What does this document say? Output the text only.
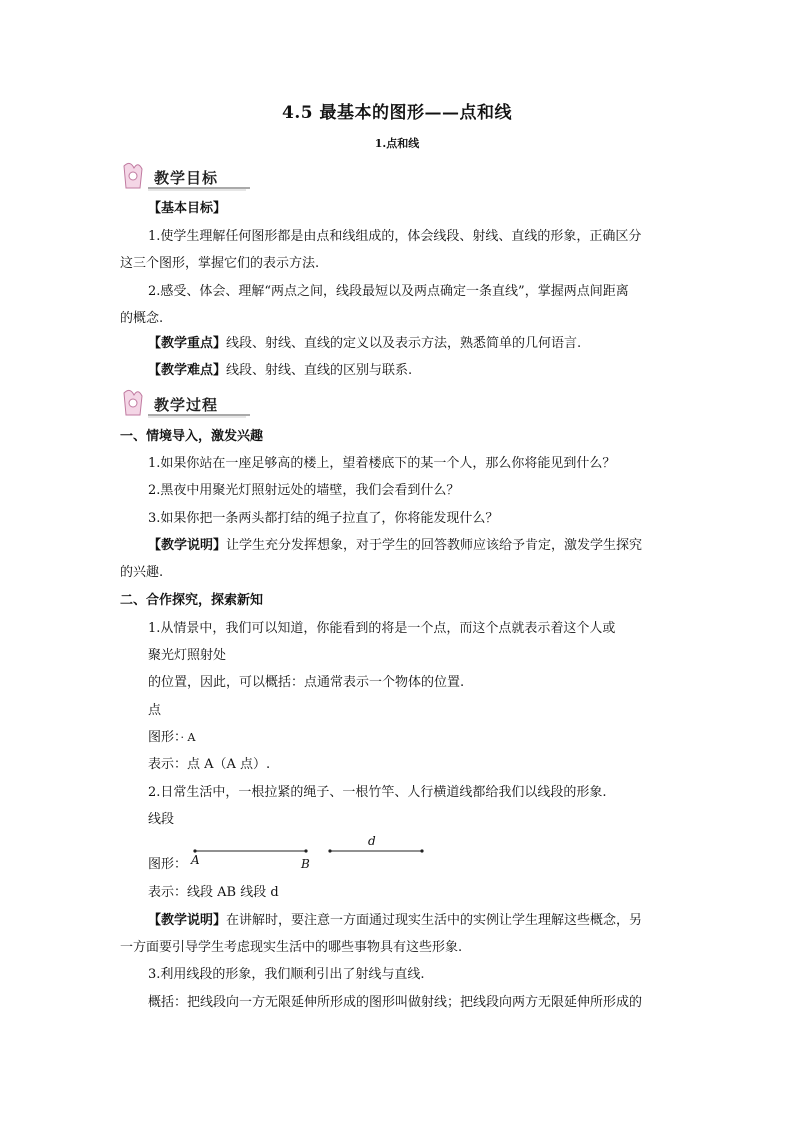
4.5 最基本的图形——点和线
1.点和线
教学目标
【基本目标】
1.使学生理解任何图形都是由点和线组成的，体会线段、射线、直线的形象，正确区分
这三个图形，掌握它们的表示方法.
2.感受、体会、理解“两点之间，线段最短以及两点确定一条直线”，掌握两点间距离
的概念.
【教学重点】线段、射线、直线的定义以及表示方法，熟悉简单的几何语言.
【教学难点】线段、射线、直线的区别与联系.
教学过程
一、情境导入，激发兴趣
1.如果你站在一座足够高的楼上，望着楼底下的某一个人，那么你将能见到什么？
2.黑夜中用聚光灯照射远处的墙壁，我们会看到什么？
3.如果你把一条两头都打结的绳子拉直了，你将能发现什么？
【教学说明】让学生充分发挥想象，对于学生的回答教师应该给予肯定，激发学生探究
的兴趣.
二、合作探究，探索新知
1.从情景中，我们可以知道，你能看到的将是一个点，而这个点就表示着这个人或
聚光灯照射处
的位置，因此，可以概括：点通常表示一个物体的位置.
点
图形：· A
表示：点 A（A 点）.
2.日常生活中，一根拉紧的绳子、一根竹竿、人行横道线都给我们以线段的形象.
线段
图形： A	B
d
表示：线段 AB 线段 d
【教学说明】在讲解时，要注意一方面通过现实生活中的实例让学生理解这些概念，另
一方面要引导学生考虑现实生活中的哪些事物具有这些形象.
3.利用线段的形象，我们顺利引出了射线与直线.
概括：把线段向一方无限延伸所形成的图形叫做射线；把线段向两方无限延伸所形成的
